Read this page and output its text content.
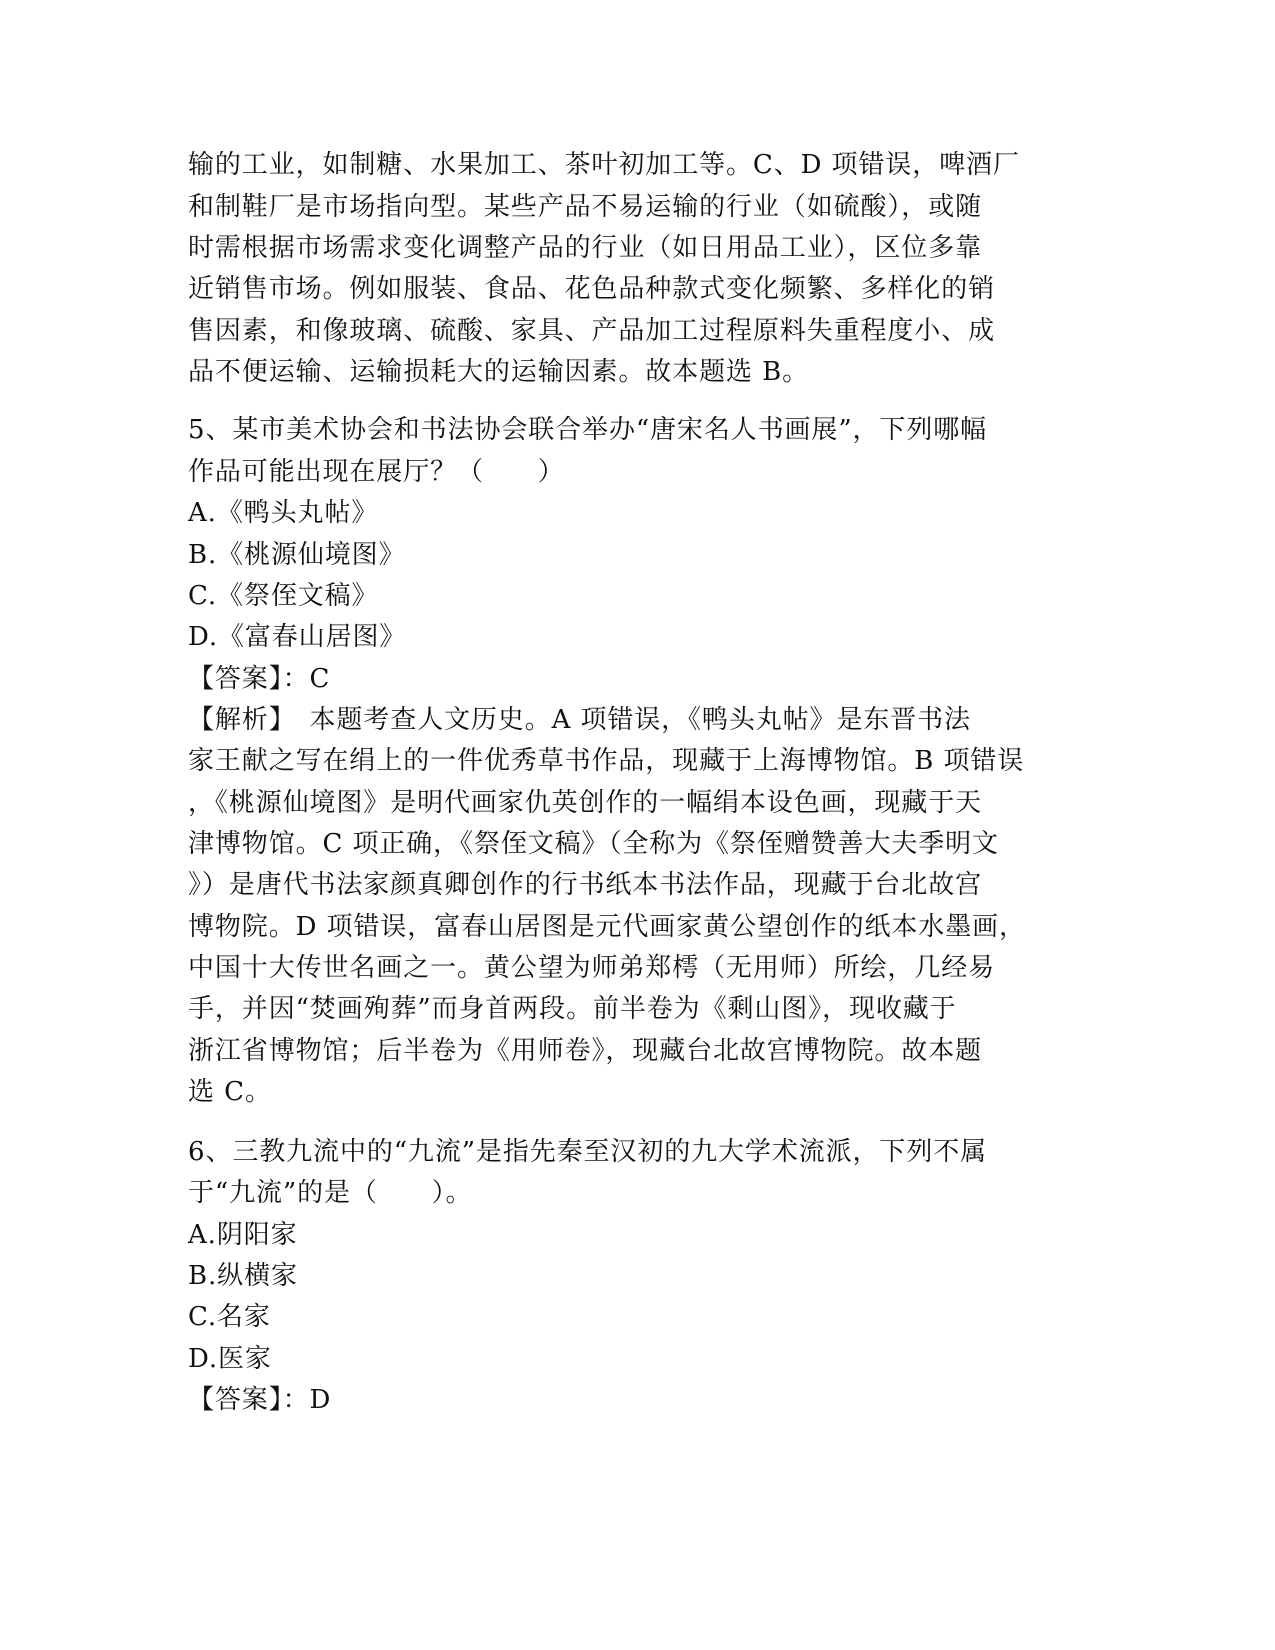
输的工业，如制糖、水果加工、茶叶初加工等。C、D 项错误，啤酒厂
和制鞋厂是市场指向型。某些产品不易运输的行业（如硫酸），或随
时需根据市场需求变化调整产品的行业（如日用品工业），区位多靠
近销售市场。例如服装、食品、花色品种款式变化频繁、多样化的销
售因素，和像玻璃、硫酸、家具、产品加工过程原料失重程度小、成
品不便运输、运输损耗大的运输因素。故本题选 B。
5、某市美术协会和书法协会联合举办“唐宋名人书画展”，下列哪幅
作品可能出现在展厅？（　　）
A.《鸭头丸帖》
B.《桃源仙境图》
C.《祭侄文稿》
D.《富春山居图》
【答案】：C
【解析】　本题考查人文历史。A 项错误，《鸭头丸帖》是东晋书法
家王献之写在绢上的一件优秀草书作品，现藏于上海博物馆。B 项错误
，《桃源仙境图》是明代画家仇英创作的一幅绢本设色画，现藏于天
津博物馆。C 项正确，《祭侄文稿》（全称为《祭侄赠赞善大夫季明文
》）是唐代书法家颜真卿创作的行书纸本书法作品，现藏于台北故宫
博物院。D 项错误，富春山居图是元代画家黄公望创作的纸本水墨画，
中国十大传世名画之一。黄公望为师弟郑樗（无用师）所绘，几经易
手，并因“焚画殉葬”而身首两段。前半卷为《剩山图》，现收藏于
浙江省博物馆；后半卷为《用师卷》，现藏台北故宫博物院。故本题
选 C。
6、三教九流中的“九流”是指先秦至汉初的九大学术流派，下列不属
于“九流”的是（　　）。
A.阴阳家
B.纵横家
C.名家
D.医家
【答案】：D
